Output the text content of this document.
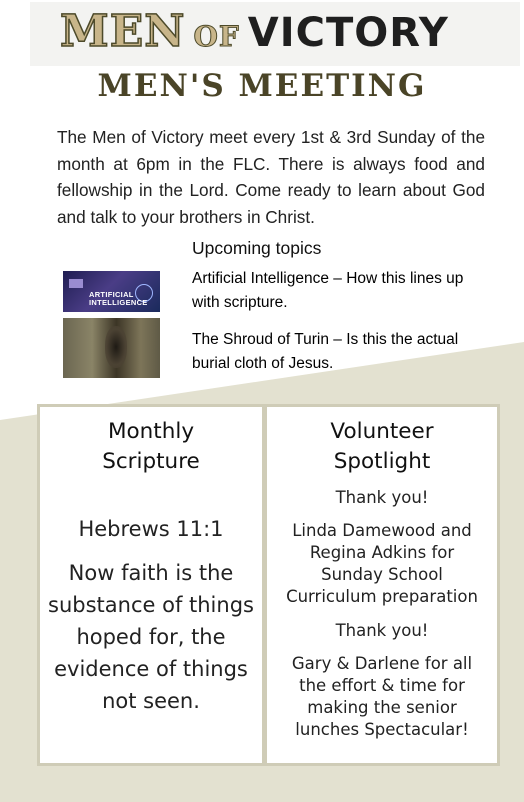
MEN OF VICTORY
MEN'S MEETING
The Men of Victory meet every 1st & 3rd Sunday of the month at 6pm in the FLC. There is always food and fellowship in the Lord. Come ready to learn about God and talk to your brothers in Christ.
Upcoming topics
ARTIFICIAL INTELLIGENCE
Artificial Intelligence – How this lines up with scripture.
The Shroud of Turin – Is this the actual burial cloth of Jesus.
Monthly Scripture
Hebrews 11:1
Now faith is the substance of things hoped for, the evidence of things not seen.
Volunteer Spotlight
Thank you!
Linda Damewood and Regina Adkins for Sunday School Curriculum preparation
Thank you!
Gary & Darlene for all the effort & time for making the senior lunches Spectacular!
